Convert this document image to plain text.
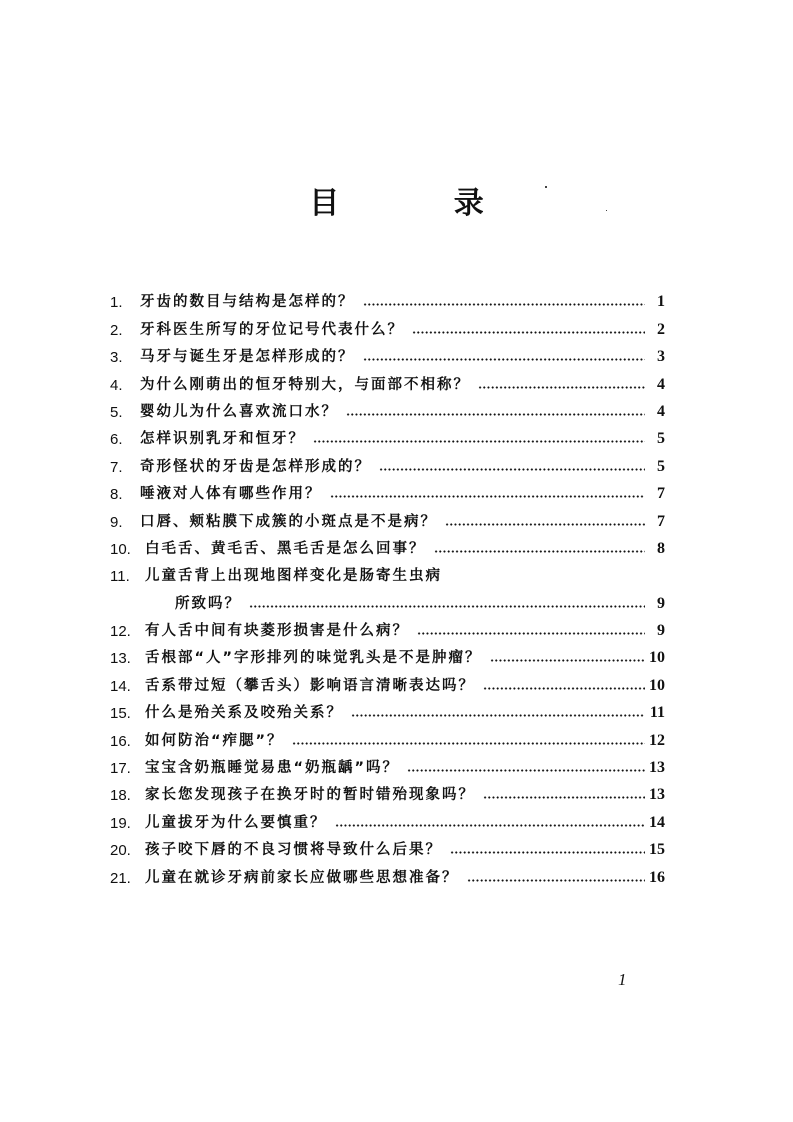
目 录
1.	牙齿的数目与结构是怎样的？	1
2.	牙科医生所写的牙位记号代表什么？	2
3.	马牙与诞生牙是怎样形成的？	3
4.	为什么刚萌出的恒牙特别大，与面部不相称？	4
5.	婴幼儿为什么喜欢流口水？	4
6.	怎样识别乳牙和恒牙？	5
7.	奇形怪状的牙齿是怎样形成的？	5
8.	唾液对人体有哪些作用？	7
9.	口唇、颊粘膜下成簇的小斑点是不是病？	7
10. 白毛舌、黄毛舌、黑毛舌是怎么回事？	8
11.	儿童舌背上出现地图样变化是肠寄生虫病
所致吗？	9
12. 有人舌中间有块菱形损害是什么病？	9
13. 舌根部“人”字形排列的味觉乳头是不是肿瘤？	10
14. 舌系带过短（攀舌头）影响语言清晰表达吗？	10
15. 什么是殆关系及咬殆关系？	11
16. 如何防治“痄腮”？	12
17. 宝宝含奶瓶睡觉易患“奶瓶龋”吗？	13
18. 家长您发现孩子在换牙时的暂时错殆现象吗？	13
19. 儿童拔牙为什么要慎重？	14
20. 孩子咬下唇的不良习惯将导致什么后果？	15
21. 儿童在就诊牙病前家长应做哪些思想准备？	16
1
